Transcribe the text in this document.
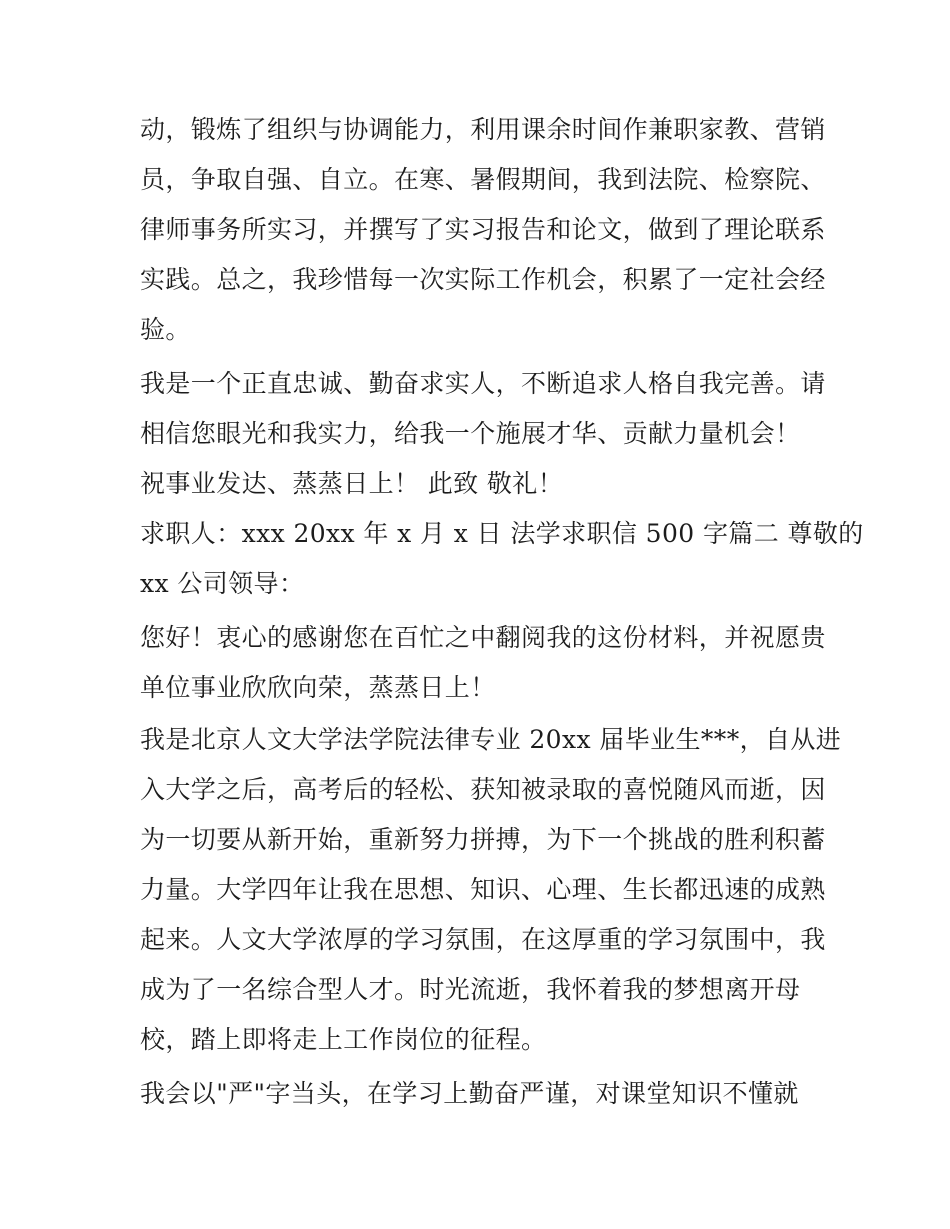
动，锻炼了组织与协调能力，利用课余时间作兼职家教、营销
员，争取自强、自立。在寒、暑假期间，我到法院、检察院、
律师事务所实习，并撰写了实习报告和论文，做到了理论联系
实践。总之，我珍惜每一次实际工作机会，积累了一定社会经
验。
我是一个正直忠诚、勤奋求实人，不断追求人格自我完善。请
相信您眼光和我实力，给我一个施展才华、贡献力量机会！
祝事业发达、蒸蒸日上！ 此致 敬礼！
求职人：xxx 20xx 年 x 月 x 日 法学求职信 500 字篇二 尊敬的
xx 公司领导：
您好！衷心的感谢您在百忙之中翻阅我的这份材料，并祝愿贵
单位事业欣欣向荣，蒸蒸日上！
我是北京人文大学法学院法律专业 20xx 届毕业生***，自从进
入大学之后，高考后的轻松、获知被录取的喜悦随风而逝，因
为一切要从新开始，重新努力拼搏，为下一个挑战的胜利积蓄
力量。大学四年让我在思想、知识、心理、生长都迅速的成熟
起来。人文大学浓厚的学习氛围，在这厚重的学习氛围中，我
成为了一名综合型人才。时光流逝，我怀着我的梦想离开母
校，踏上即将走上工作岗位的征程。
我会以"严"字当头，在学习上勤奋严谨，对课堂知识不懂就
